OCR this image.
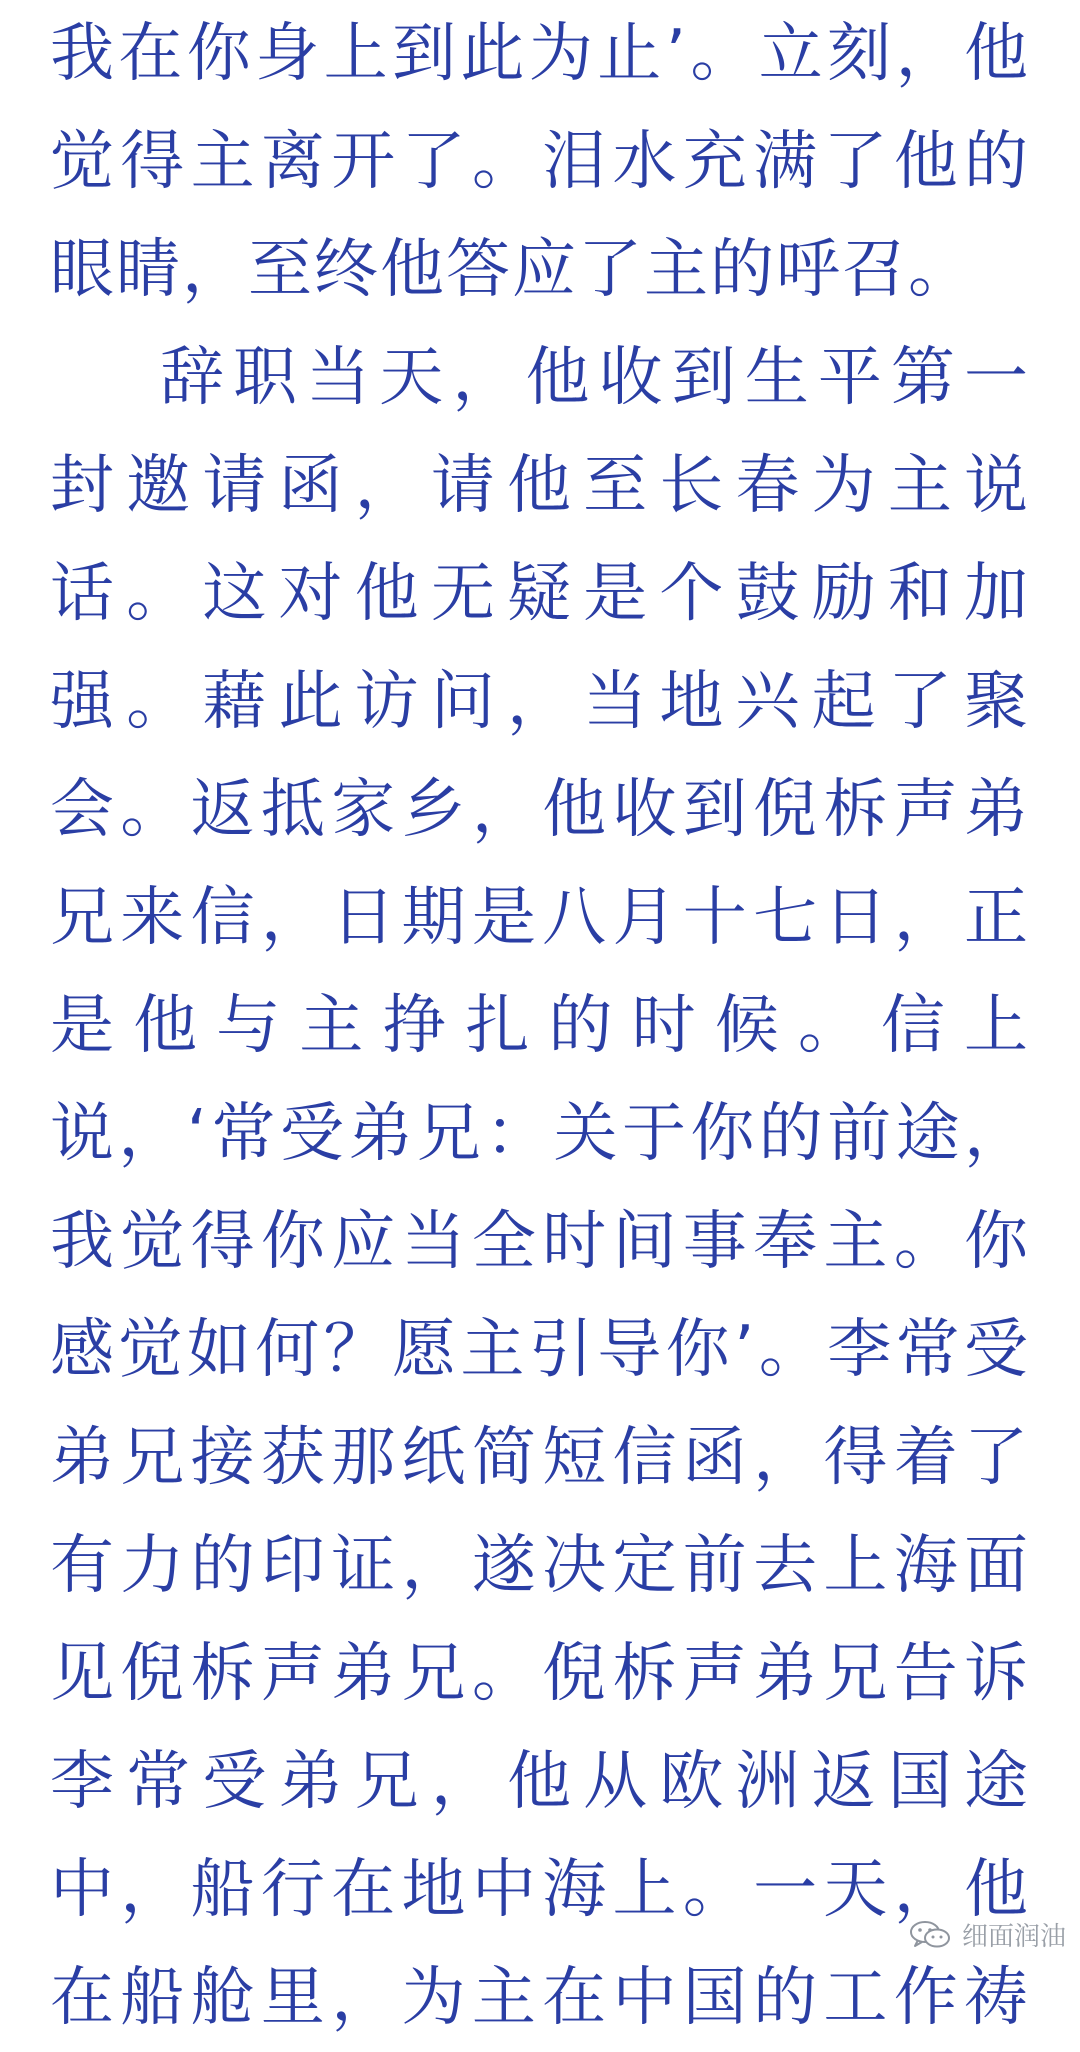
我在你身上到此为止’。立刻，他
觉得主离开了。泪水充满了他的
眼睛，至终他答应了主的呼召。
辞职当天，他收到生平第一
封邀请函，请他至长春为主说
话。这对他无疑是个鼓励和加
强。藉此访问，当地兴起了聚
会。返抵家乡，他收到倪柝声弟
兄来信，日期是八月十七日，正
是他与主挣扎的时候。信上
说，‘常受弟兄：关于你的前途，
我觉得你应当全时间事奉主。你
感觉如何？愿主引导你’。李常受
弟兄接获那纸简短信函，得着了
有力的印证，遂决定前去上海面
见倪柝声弟兄。倪柝声弟兄告诉
李常受弟兄，他从欧洲返国途
中，船行在地中海上。一天，他
在船舱里，为主在中国的工作祷
细面润油
